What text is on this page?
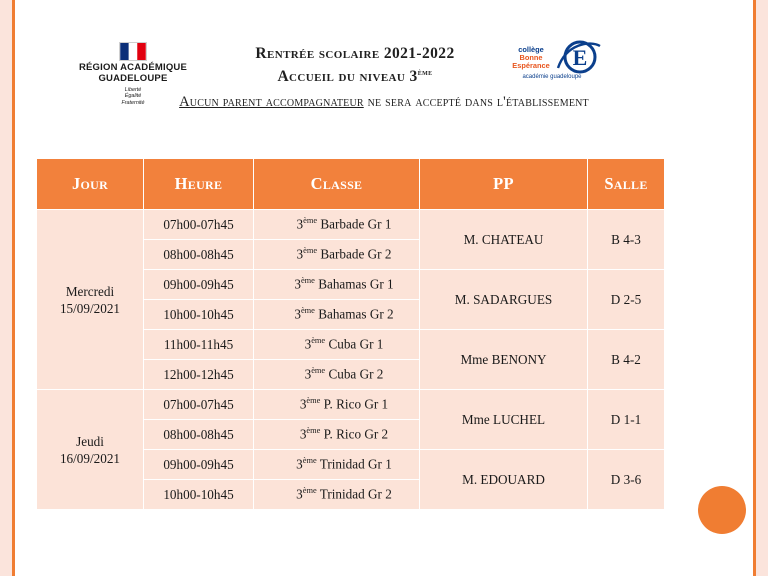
RÉGION ACADÉMIQUE
GUADELOUPE
Liberté
Égalité
Fraternité
Rentrée scolaire 2021-2022
Accueil du niveau 3ème
collège
Bonne
Espérance	E
académie guadeloupe
Aucun parent accompagnateur ne sera accepté dans l'établissement
Jour	Heure	Classe	PP	Salle

Mercredi
15/09/2021	07h00-07h45	3ème Barbade Gr 1	M. CHATEAU	B 4-3
	08h00-08h45	3ème Barbade Gr 2		
	09h00-09h45	3ème Bahamas Gr 1	M. SADARGUES	D 2-5
	10h00-10h45	3ème Bahamas Gr 2		
	11h00-11h45	3ème Cuba Gr 1	Mme BENONY	B 4-2
	12h00-12h45	3ème Cuba Gr 2		

Jeudi
16/09/2021	07h00-07h45	3ème P. Rico Gr 1	Mme LUCHEL	D 1-1
	08h00-08h45	3ème P. Rico Gr 2		
	09h00-09h45	3ème Trinidad Gr 1	M. EDOUARD	D 3-6
	10h00-10h45	3ème Trinidad Gr 2		
